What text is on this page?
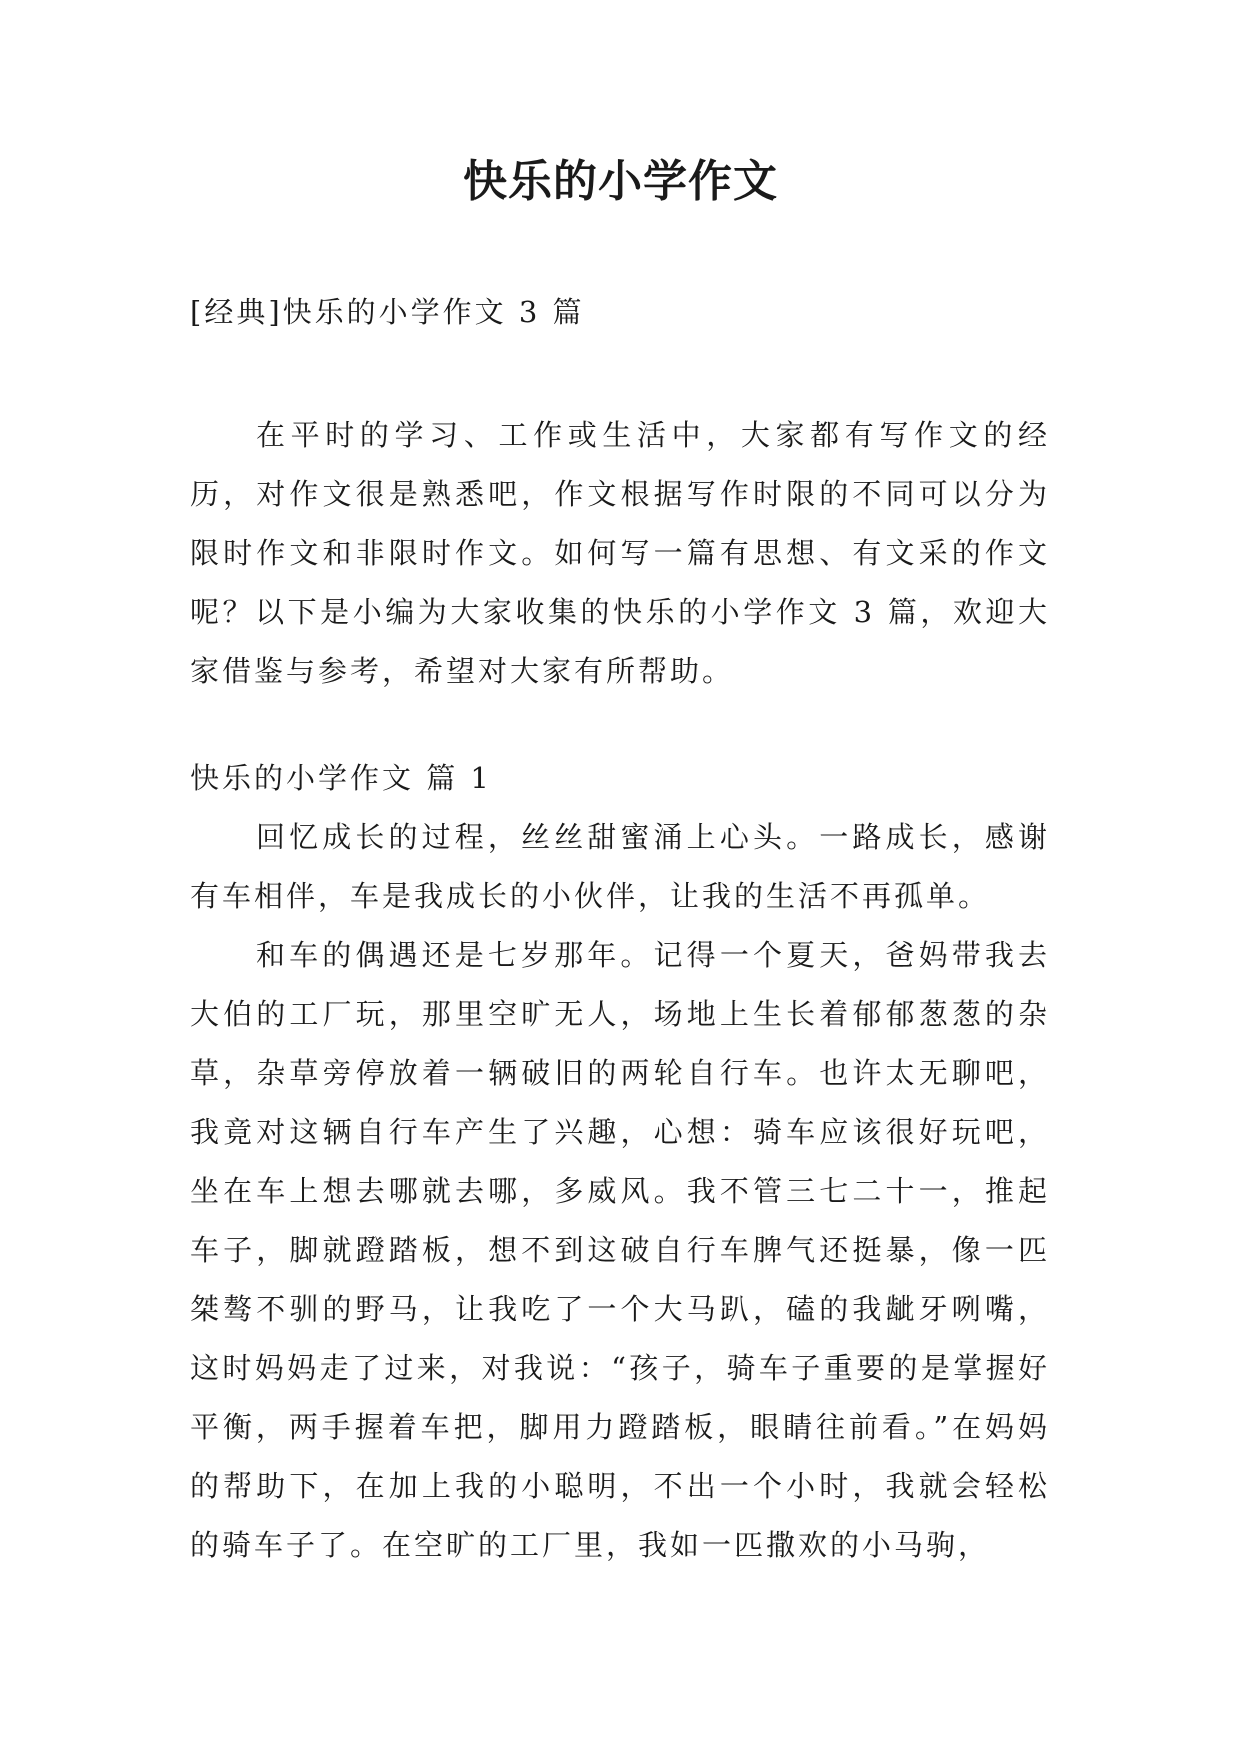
快乐的小学作文
[经典]快乐的小学作文 3 篇

在平时的学习、工作或生活中，大家都有写作文的经历，对作文很是熟悉吧，作文根据写作时限的不同可以分为限时作文和非限时作文。如何写一篇有思想、有文采的作文呢？以下是小编为大家收集的快乐的小学作文 3 篇，欢迎大家借鉴与参考，希望对大家有所帮助。

快乐的小学作文 篇 1

回忆成长的过程，丝丝甜蜜涌上心头。一路成长，感谢有车相伴，车是我成长的小伙伴，让我的生活不再孤单。

和车的偶遇还是七岁那年。记得一个夏天，爸妈带我去大伯的工厂玩，那里空旷无人，场地上生长着郁郁葱葱的杂草，杂草旁停放着一辆破旧的两轮自行车。也许太无聊吧，我竟对这辆自行车产生了兴趣，心想：骑车应该很好玩吧，坐在车上想去哪就去哪，多威风。我不管三七二十一，推起车子，脚就蹬踏板，想不到这破自行车脾气还挺暴，像一匹桀骜不驯的野马，让我吃了一个大马趴，磕的我龇牙咧嘴，这时妈妈走了过来，对我说：“孩子，骑车子重要的是掌握好平衡，两手握着车把，脚用力蹬踏板，眼睛往前看。”在妈妈的帮助下，在加上我的小聪明，不出一个小时，我就会轻松的骑车子了。在空旷的工厂里，我如一匹撒欢的小马驹，
